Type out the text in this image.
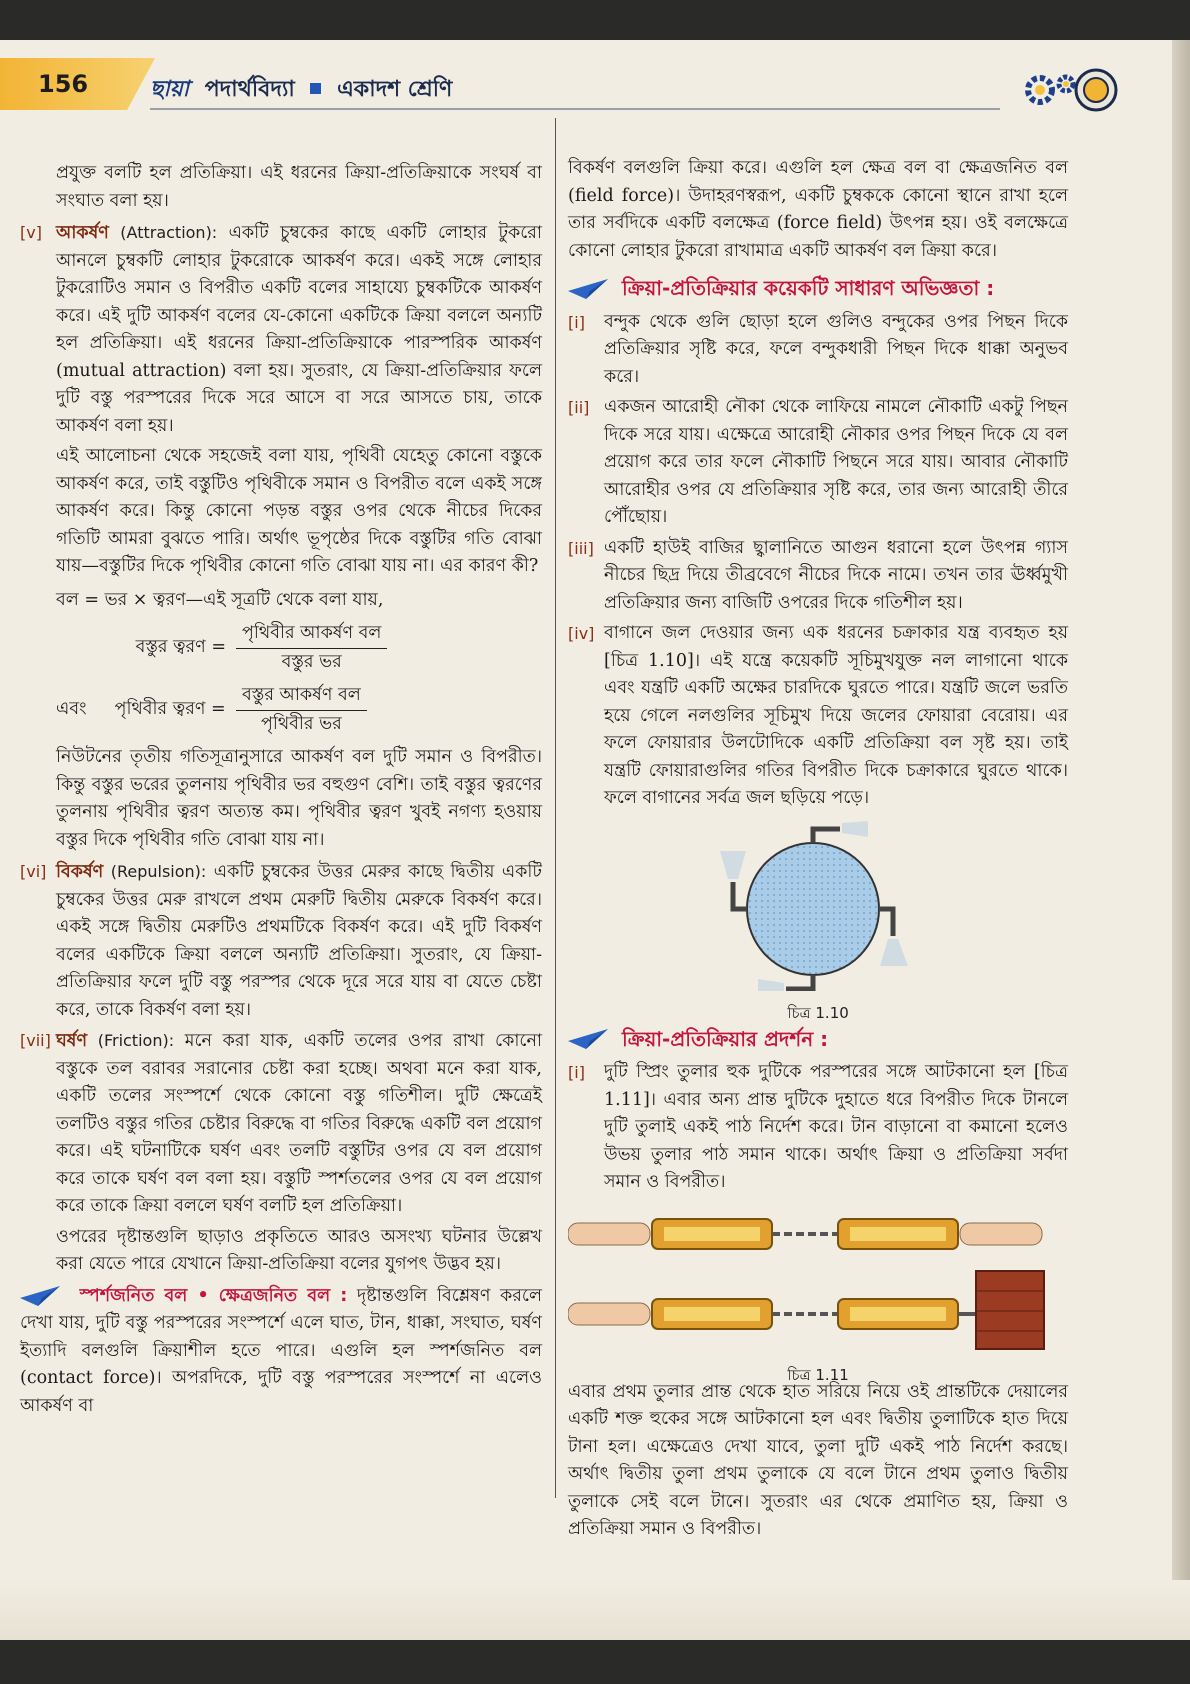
156	ছায়া পদার্থবিদ্যা একাদশ শ্রেণি

প্রযুক্ত বলটি হল প্রতিক্রিয়া। এই ধরনের ক্রিয়া-প্রতিক্রিয়াকে সংঘর্ষ বা সংঘাত বলা হয়।

[v] আকর্ষণ (Attraction): একটি চুম্বকের কাছে একটি লোহার টুকরো আনলে চুম্বকটি লোহার টুকরোকে আকর্ষণ করে। একই সঙ্গে লোহার টুকরোটিও সমান ও বিপরীত একটি বলের সাহায্যে চুম্বকটিকে আকর্ষণ করে। এই দুটি আকর্ষণ বলের যে-কোনো একটিকে ক্রিয়া বললে অন্যটি হল প্রতিক্রিয়া। এই ধরনের ক্রিয়া-প্রতিক্রিয়াকে পারস্পরিক আকর্ষণ (mutual attraction) বলা হয়। সুতরাং, যে ক্রিয়া-প্রতিক্রিয়ার ফলে দুটি বস্তু পরস্পরের দিকে সরে আসে বা সরে আসতে চায়, তাকে আকর্ষণ বলা হয়।

এই আলোচনা থেকে সহজেই বলা যায়, পৃথিবী যেহেতু কোনো বস্তুকে আকর্ষণ করে, তাই বস্তুটিও পৃথিবীকে সমান ও বিপরীত বলে একই সঙ্গে আকর্ষণ করে। কিন্তু কোনো পড়ন্ত বস্তুর ওপর থেকে নীচের দিকের গতিটি আমরা বুঝতে পারি। অর্থাৎ ভূপৃষ্ঠের দিকে বস্তুটির গতি বোঝা যায়—বস্তুটির দিকে পৃথিবীর কোনো গতি বোঝা যায় না। এর কারণ কী?

বল = ভর × ত্বরণ—এই সূত্রটি থেকে বলা যায়,
বস্তুর ত্বরণ = $\frac{\text{পৃথিবীর আকর্ষণ বল}}{\text{বস্তুর ভর}}$
এবং পৃথিবীর ত্বরণ = $\frac{\text{বস্তুর আকর্ষণ বল}}{\text{পৃথিবীর ভর}}$

নিউটনের তৃতীয় গতিসূত্রানুসারে আকর্ষণ বল দুটি সমান ও বিপরীত। কিন্তু বস্তুর ভরের তুলনায় পৃথিবীর ভর বহুগুণ বেশি। তাই বস্তুর ত্বরণের তুলনায় পৃথিবীর ত্বরণ অত্যন্ত কম। পৃথিবীর ত্বরণ খুবই নগণ্য হওয়ায় বস্তুর দিকে পৃথিবীর গতি বোঝা যায় না।

[vi] বিকর্ষণ (Repulsion): একটি চুম্বকের উত্তর মেরুর কাছে দ্বিতীয় একটি চুম্বকের উত্তর মেরু রাখলে প্রথম মেরুটি দ্বিতীয় মেরুকে বিকর্ষণ করে। একই সঙ্গে দ্বিতীয় মেরুটিও প্রথমটিকে বিকর্ষণ করে। এই দুটি বিকর্ষণ বলের একটিকে ক্রিয়া বললে অন্যটি প্রতিক্রিয়া। সুতরাং, যে ক্রিয়া-প্রতিক্রিয়ার ফলে দুটি বস্তু পরস্পর থেকে দূরে সরে যায় বা যেতে চেষ্টা করে, তাকে বিকর্ষণ বলা হয়।
[vii] ঘর্ষণ (Friction): মনে করা যাক, একটি তলের ওপর রাখা কোনো বস্তুকে তল বরাবর সরানোর চেষ্টা করা হচ্ছে। অথবা মনে করা যাক, একটি তলের সংস্পর্শে থেকে কোনো বস্তু গতিশীল। দুটি ক্ষেত্রেই তলটিও বস্তুর গতির চেষ্টার বিরুদ্ধে বা গতির বিরুদ্ধে একটি বল প্রয়োগ করে। এই ঘটনাটিকে ঘর্ষণ এবং তলটি বস্তুটির ওপর যে বল প্রয়োগ করে তাকে ঘর্ষণ বল বলা হয়। বস্তুটি স্পর্শতলের ওপর যে বল প্রয়োগ করে তাকে ক্রিয়া বললে ঘর্ষণ বলটি হল প্রতিক্রিয়া।

ওপরের দৃষ্টান্তগুলি ছাড়াও প্রকৃতিতে আরও অসংখ্য ঘটনার উল্লেখ করা যেতে পারে যেখানে ক্রিয়া-প্রতিক্রিয়া বলের যুগপৎ উদ্ভব হয়।

স্পর্শজনিত বল • ক্ষেত্রজনিত বল : দৃষ্টান্তগুলি বিশ্লেষণ করলে দেখা যায়, দুটি বস্তু পরস্পরের সংস্পর্শে এলে ঘাত, টান, ধাক্কা, সংঘাত, ঘর্ষণ ইত্যাদি বলগুলি ক্রিয়াশীল হতে পারে। এগুলি হল স্পর্শজনিত বল (contact force)। অপরদিকে, দুটি বস্তু পরস্পরের সংস্পর্শে না এলেও আকর্ষণ বা

বিকর্ষণ বলগুলি ক্রিয়া করে। এগুলি হল ক্ষেত্র বল বা ক্ষেত্রজনিত বল (field force)। উদাহরণস্বরূপ, একটি চুম্বককে কোনো স্থানে রাখা হলে তার সর্বদিকে একটি বলক্ষেত্র (force field) উৎপন্ন হয়। ওই বলক্ষেত্রে কোনো লোহার টুকরো রাখামাত্র একটি আকর্ষণ বল ক্রিয়া করে।

ক্রিয়া-প্রতিক্রিয়ার কয়েকটি সাধারণ অভিজ্ঞতা :
[i]	বন্দুক থেকে গুলি ছোড়া হলে গুলিও বন্দুকের ওপর পিছন দিকে প্রতিক্রিয়ার সৃষ্টি করে, ফলে বন্দুকধারী পিছন দিকে ধাক্কা অনুভব করে।
[ii] একজন আরোহী নৌকা থেকে লাফিয়ে নামলে নৌকাটি একটু পিছন দিকে সরে যায়। এক্ষেত্রে আরোহী নৌকার ওপর পিছন দিকে যে বল প্রয়োগ করে তার ফলে নৌকাটি পিছনে সরে যায়। আবার নৌকাটি আরোহীর ওপর যে প্রতিক্রিয়ার সৃষ্টি করে, তার জন্য আরোহী তীরে পৌঁছোয়।
[iii] একটি হাউই বাজির ছ্বালানিতে আগুন ধরানো হলে উৎপন্ন গ্যাস নীচের ছিদ্র দিয়ে তীব্রবেগে নীচের দিকে নামে। তখন তার ঊর্ধ্বমুখী প্রতিক্রিয়ার জন্য বাজিটি ওপরের দিকে গতিশীল হয়।
[iv] বাগানে জল দেওয়ার জন্য এক ধরনের চক্রাকার যন্ত্র ব্যবহৃত হয় [চিত্র 1.10]। এই যন্ত্রে কয়েকটি সূচিমুখযুক্ত নল লাগানো থাকে এবং যন্ত্রটি একটি অক্ষের চারদিকে ঘুরতে পারে। যন্ত্রটি জলে ভরতি হয়ে গেলে নলগুলির সূচিমুখ দিয়ে জলের ফোয়ারা বেরোয়। এর ফলে ফোয়ারার উলটোদিকে একটি প্রতিক্রিয়া বল সৃষ্ট হয়। তাই যন্ত্রটি ফোয়ারাগুলির গতির বিপরীত দিকে চক্রাকারে ঘুরতে থাকে। ফলে বাগানের সর্বত্র জল ছড়িয়ে পড়ে।
চিত্র 1.10
ক্রিয়া-প্রতিক্রিয়ার প্রদর্শন :
[i]	দুটি স্প্রিং তুলার হুক দুটিকে পরস্পরের সঙ্গে আটকানো হল [চিত্র 1.11]। এবার অন্য প্রান্ত দুটিকে দুহাতে ধরে বিপরীত দিকে টানলে দুটি তুলাই একই পাঠ নির্দেশ করে। টান বাড়ানো বা কমানো হলেও উভয় তুলার পাঠ সমান থাকে। অর্থাৎ ক্রিয়া ও প্রতিক্রিয়া সর্বদা সমান ও বিপরীত।
চিত্র 1.11

এবার প্রথম তুলার প্রান্ত থেকে হাত সরিয়ে নিয়ে ওই প্রান্তটিকে দেয়ালের একটি শক্ত হুকের সঙ্গে আটকানো হল এবং দ্বিতীয় তুলাটিকে হাত দিয়ে টানা হল। এক্ষেত্রেও দেখা যাবে, তুলা দুটি একই পাঠ নির্দেশ করছে। অর্থাৎ দ্বিতীয় তুলা প্রথম তুলাকে যে বলে টানে প্রথম তুলাও দ্বিতীয় তুলাকে সেই বলে টানে। সুতরাং এর থেকে প্রমাণিত হয়, ক্রিয়া ও প্রতিক্রিয়া সমান ও বিপরীত।
